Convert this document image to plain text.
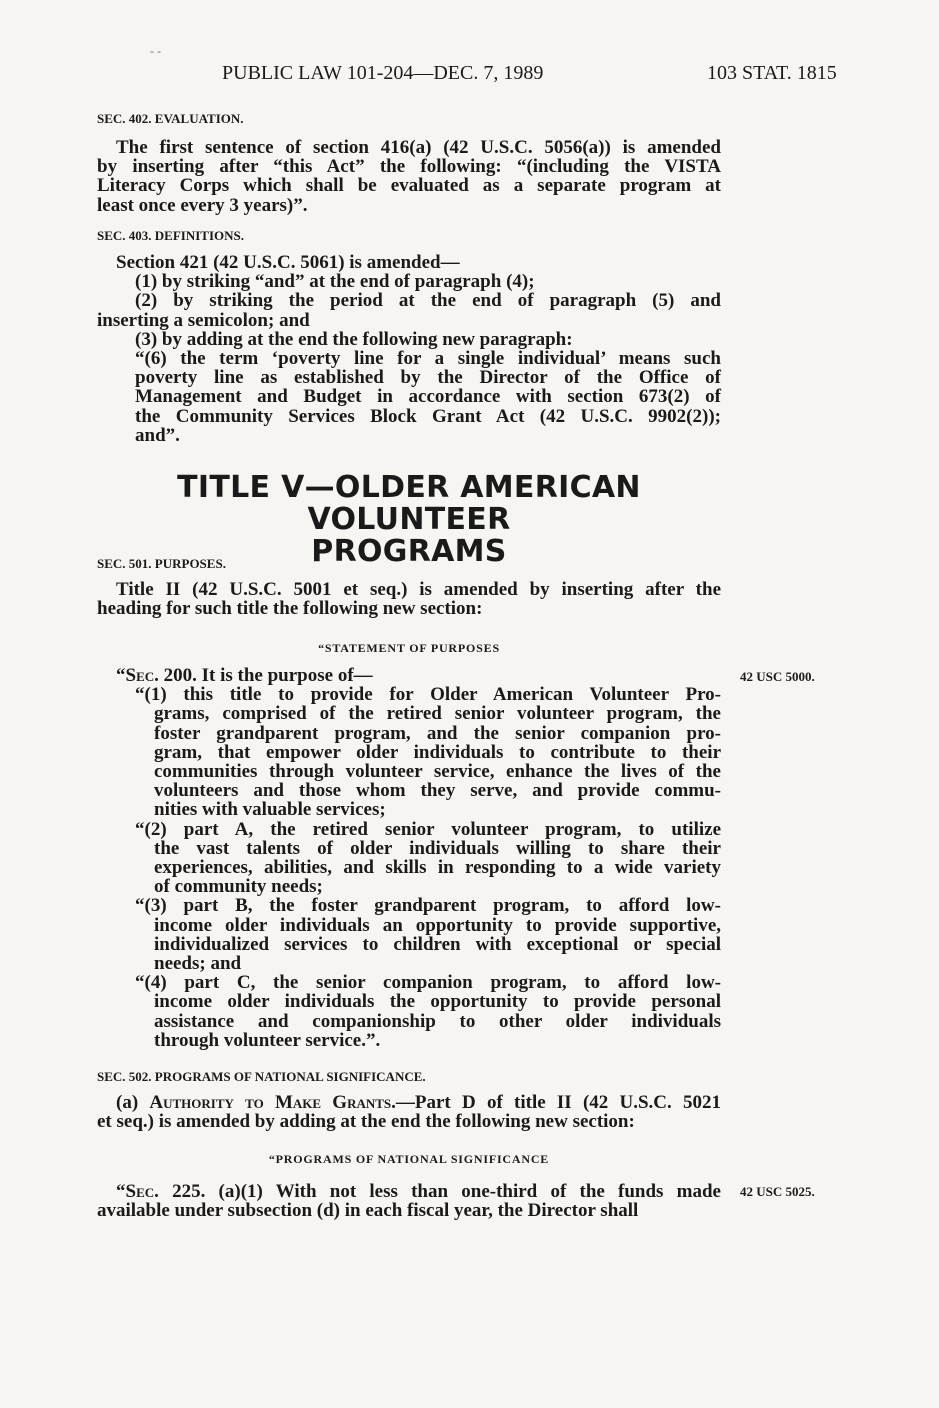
- -
PUBLIC LAW 101-204—DEC. 7, 1989	103 STAT. 1815
SEC. 402. EVALUATION.

The first sentence of section 416(a) (42 U.S.C. 5056(a)) is amended

by inserting after “this Act” the following: “(including the VISTA

Literacy Corps which shall be evaluated as a separate program at

least once every 3 years)”.

SEC. 403. DEFINITIONS.

Section 421 (42 U.S.C. 5061) is amended—

(1) by striking “and” at the end of paragraph (4);

(2) by striking the period at the end of paragraph (5) and

inserting a semicolon; and

(3) by adding at the end the following new paragraph:

“(6) the term ‘poverty line for a single individual’ means such

poverty line as established by the Director of the Office of

Management and Budget in accordance with section 673(2) of

the Community Services Block Grant Act (42 U.S.C. 9902(2));

and”.

TITLE V—OLDER AMERICAN VOLUNTEER
PROGRAMS
SEC. 501. PURPOSES.

Title II (42 U.S.C. 5001 et seq.) is amended by inserting after the

heading for such title the following new section:

“STATEMENT OF PURPOSES

“Sec. 200. It is the purpose of—

“(1) this title to provide for Older American Volunteer Pro-

grams, comprised of the retired senior volunteer program, the

foster grandparent program, and the senior companion pro-

gram, that empower older individuals to contribute to their

communities through volunteer service, enhance the lives of the

volunteers and those whom they serve, and provide commu-

nities with valuable services;

“(2) part A, the retired senior volunteer program, to utilize

the vast talents of older individuals willing to share their

experiences, abilities, and skills in responding to a wide variety

of community needs;

“(3) part B, the foster grandparent program, to afford low-

income older individuals an opportunity to provide supportive,

individualized services to children with exceptional or special

needs; and

“(4) part C, the senior companion program, to afford low-

income older individuals the opportunity to provide personal

assistance and companionship to other older individuals

through volunteer service.”.

42 USC 5000.
SEC. 502. PROGRAMS OF NATIONAL SIGNIFICANCE.

(a) Authority to Make Grants.—Part D of title II (42 U.S.C. 5021

et seq.) is amended by adding at the end the following new section:

“PROGRAMS OF NATIONAL SIGNIFICANCE

“Sec. 225. (a)(1) With not less than one-third of the funds made

available under subsection (d) in each fiscal year, the Director shall

42 USC 5025.
